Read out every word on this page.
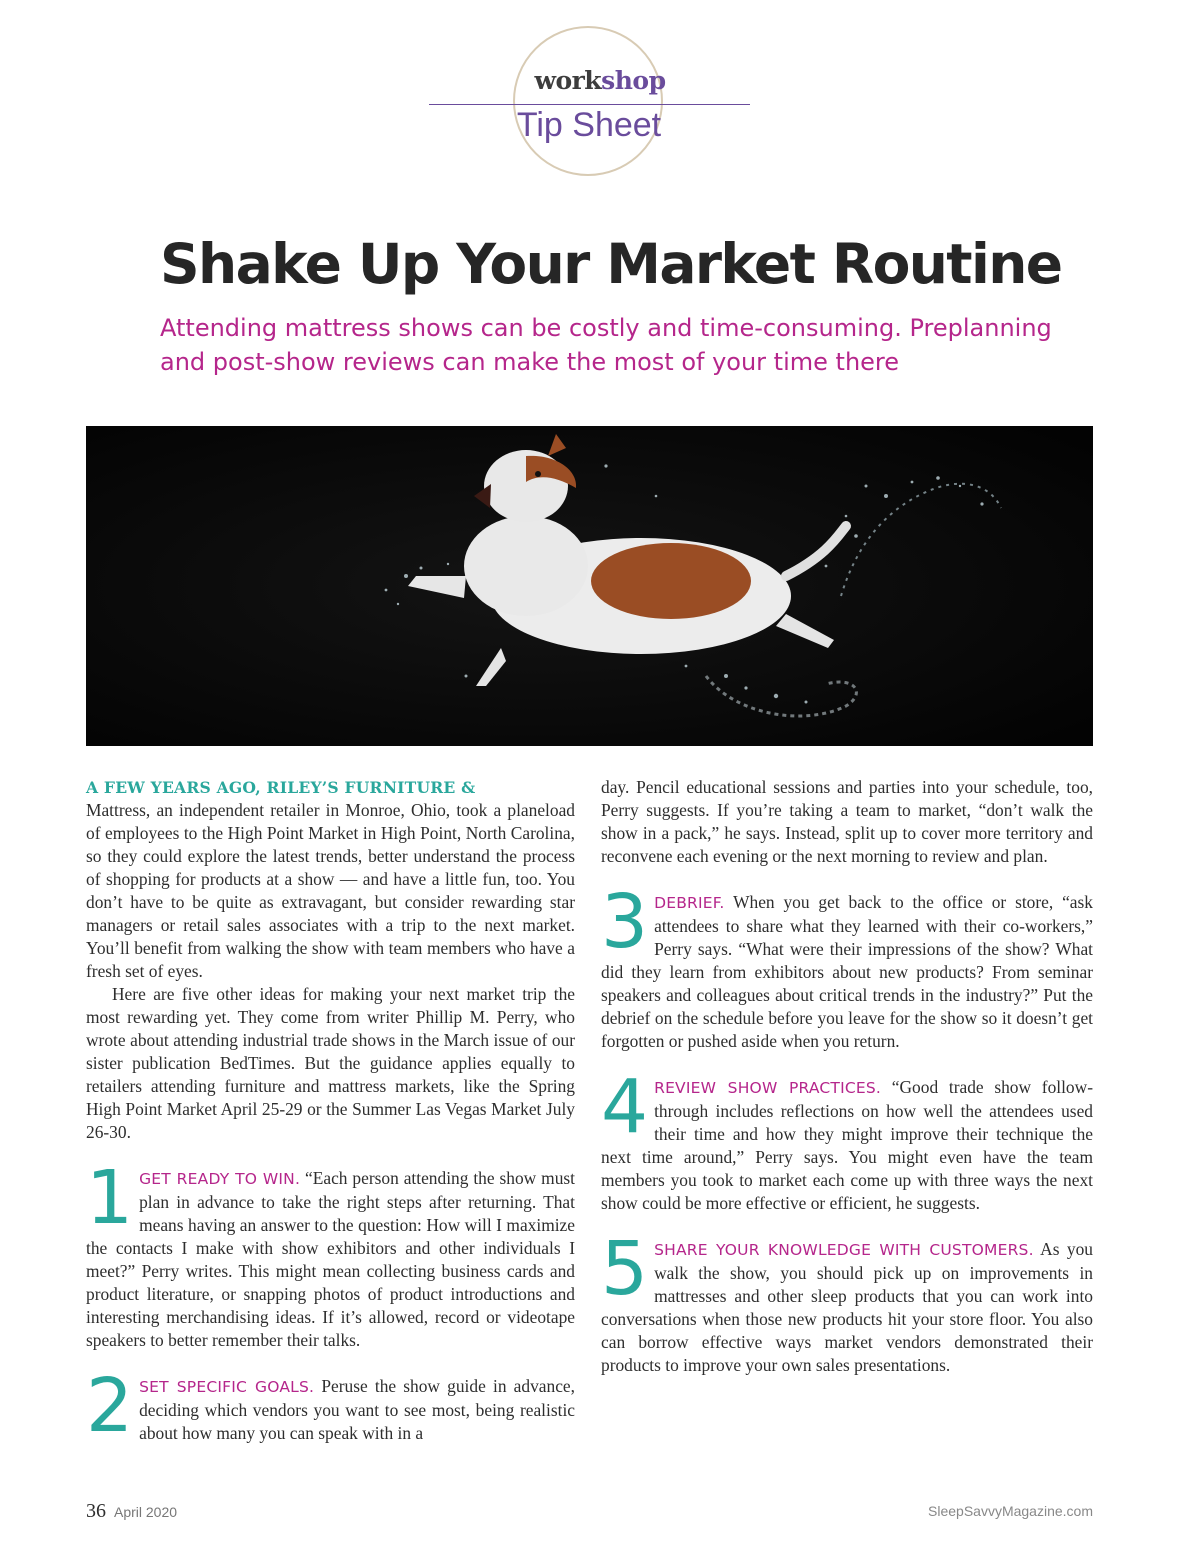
workshop
Tip Sheet
Shake Up Your Market Routine

Attending mattress shows can be costly and time-consuming. Preplanning and post-show reviews can make the most of your time there

A FEW YEARS AGO, RILEY’S FURNITURE &
Mattress, an independent retailer in Monroe, Ohio, took a planeload of employees to the High Point Market in High Point, North Carolina, so they could explore the latest trends, better understand the process of shopping for products at a show — and have a little fun, too. You don’t have to be quite as extravagant, but consider rewarding star managers or retail sales associates with a trip to the next market. You’ll benefit from walking the show with team members who have a fresh set of eyes.

Here are five other ideas for making your next market trip the most rewarding yet. They come from writer Phillip M. Perry, who wrote about attending industrial trade shows in the March issue of our sister publication BedTimes. But the guidance applies equally to retailers attending furniture and mattress markets, like the Spring High Point Market April 25-29 or the Summer Las Vegas Market July 26-30.

1 GET READY TO WIN. “Each person attending the show must plan in advance to take the right steps after returning. That means having an answer to the question: How will I maximize the contacts I make with show exhibitors and other individuals I meet?” Perry writes. This might mean collecting business cards and product literature, or snapping photos of product introductions and interesting merchandising ideas. If it’s allowed, record or videotape speakers to better remember their talks.

2 SET SPECIFIC GOALS. Peruse the show guide in advance, deciding which vendors you want to see most, being realistic about how many you can speak with in a

day. Pencil educational sessions and parties into your schedule, too, Perry suggests. If you’re taking a team to market, “don’t walk the show in a pack,” he says. Instead, split up to cover more territory and reconvene each evening or the next morning to review and plan.

3 DEBRIEF. When you get back to the office or store, “ask attendees to share what they learned with their co-workers,” Perry says. “What were their impressions of the show? What did they learn from exhibitors about new products? From seminar speakers and colleagues about critical trends in the industry?” Put the debrief on the schedule before you leave for the show so it doesn’t get forgotten or pushed aside when you return.

4 REVIEW SHOW PRACTICES. “Good trade show follow-through includes reflections on how well the attendees used their time and how they might improve their technique the next time around,” Perry says. You might even have the team members you took to market each come up with three ways the next show could be more effective or efficient, he suggests.

5 SHARE YOUR KNOWLEDGE WITH CUSTOMERS. As you walk the show, you should pick up on improvements in mattresses and other sleep products that you can work into conversations when those new products hit your store floor. You also can borrow effective ways market vendors demonstrated their products to improve your own sales presentations.

36 April 2020	SleepSavvyMagazine.com
